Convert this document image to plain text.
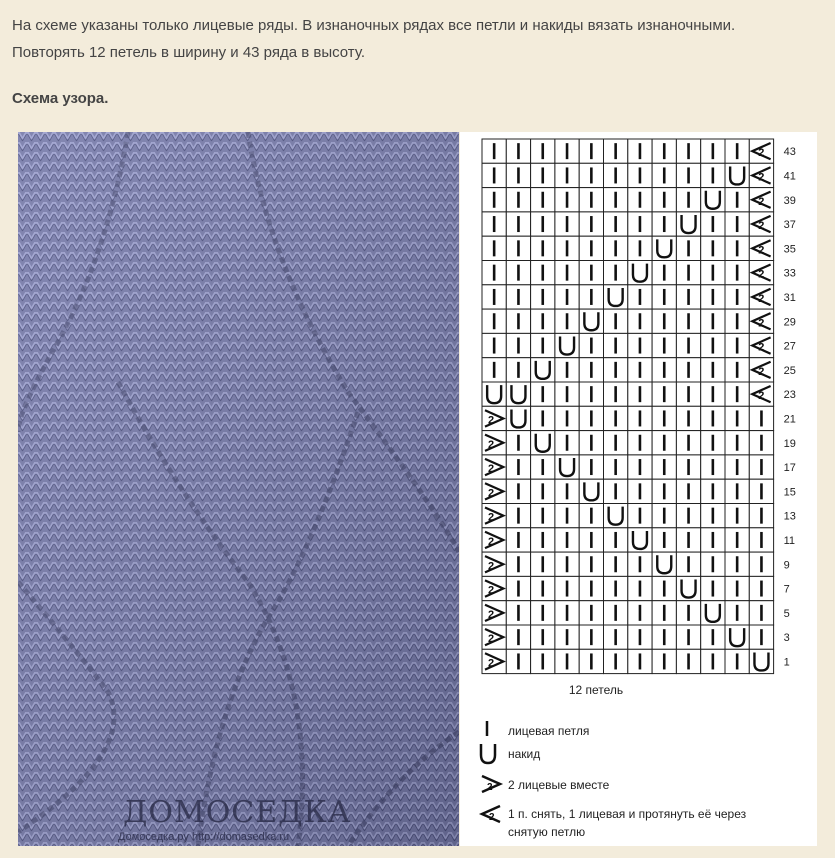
На схеме указаны только лицевые ряды. В изнаночных рядах все петли и накиды вязать изнаночными.

Повторять 12 петель в ширину и 43 ряда в высоту.

Схема узора.
ДОМОСЕДКА
Домоседка.ру http://domasedka.ru
2
2
2
2
2
2
2
2
2
2
2
2
2
2
2
2
2
2
2
2
2
2
43
41
39
37
35
33
31
29
27
25
23
21
19
17
15
13
11
9
7
5
3
1
12 петель
лицевая петля
накид
2 2 лицевые вместе
2 1 п. снять, 1 лицевая и протянуть её через
снятую петлю
